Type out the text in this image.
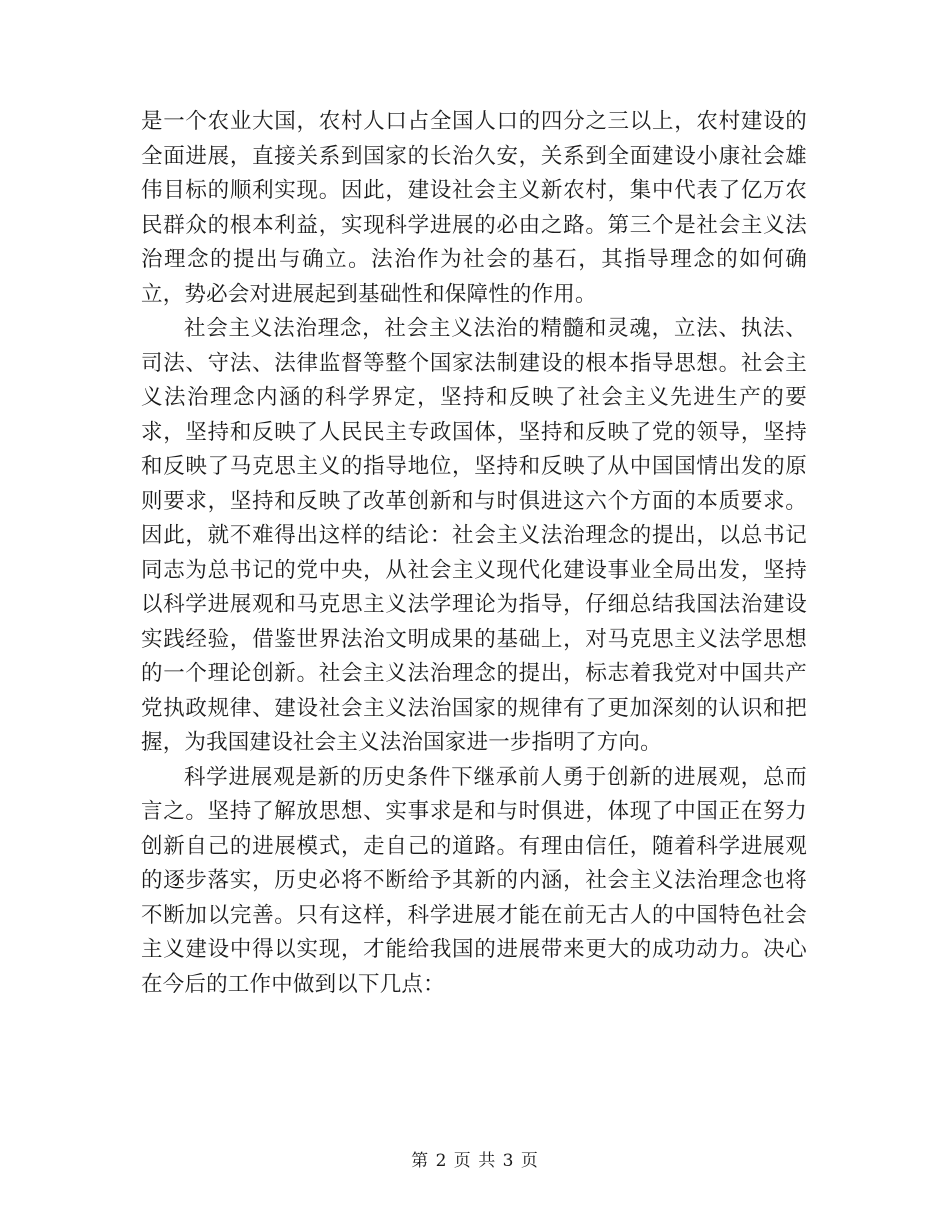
是一个农业大国，农村人口占全国人口的四分之三以上，农村建设的全面进展，直接关系到国家的长治久安，关系到全面建设小康社会雄伟目标的顺利实现。因此，建设社会主义新农村，集中代表了亿万农民群众的根本利益，实现科学进展的必由之路。第三个是社会主义法治理念的提出与确立。法治作为社会的基石，其指导理念的如何确立，势必会对进展起到基础性和保障性的作用。

社会主义法治理念，社会主义法治的精髓和灵魂，立法、执法、司法、守法、法律监督等整个国家法制建设的根本指导思想。社会主义法治理念内涵的科学界定，坚持和反映了社会主义先进生产的要求，坚持和反映了人民民主专政国体，坚持和反映了党的领导，坚持和反映了马克思主义的指导地位，坚持和反映了从中国国情出发的原则要求，坚持和反映了改革创新和与时俱进这六个方面的本质要求。因此，就不难得出这样的结论：社会主义法治理念的提出，以总书记同志为总书记的党中央，从社会主义现代化建设事业全局出发，坚持以科学进展观和马克思主义法学理论为指导，仔细总结我国法治建设实践经验，借鉴世界法治文明成果的基础上，对马克思主义法学思想的一个理论创新。社会主义法治理念的提出，标志着我党对中国共产党执政规律、建设社会主义法治国家的规律有了更加深刻的认识和把握，为我国建设社会主义法治国家进一步指明了方向。

科学进展观是新的历史条件下继承前人勇于创新的进展观，总而言之。坚持了解放思想、实事求是和与时俱进，体现了中国正在努力创新自己的进展模式，走自己的道路。有理由信任，随着科学进展观的逐步落实，历史必将不断给予其新的内涵，社会主义法治理念也将不断加以完善。只有这样，科学进展才能在前无古人的中国特色社会主义建设中得以实现，才能给我国的进展带来更大的成功动力。决心在今后的工作中做到以下几点：

第 2 页 共 3 页
